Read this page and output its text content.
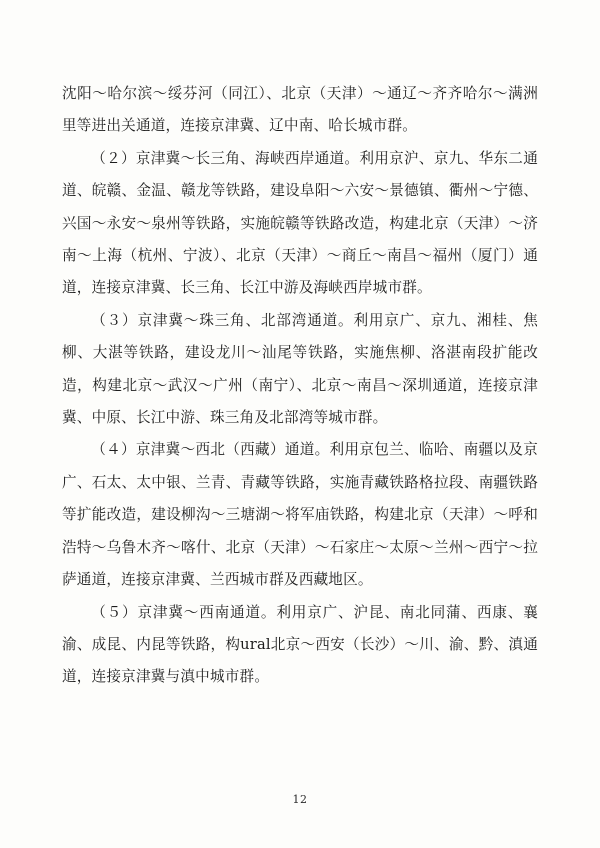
沈阳～哈尔滨～绥芬河（同江）、北京（天津）～通辽～齐齐哈尔～满洲里等进出关通道，连接京津冀、辽中南、哈长城市群。

（２）京津冀～长三角、海峡西岸通道。利用京沪、京九、华东二通道、皖赣、金温、赣龙等铁路，建设阜阳～六安～景德镇、衢州～宁德、兴国～永安～泉州等铁路，实施皖赣等铁路改造，构建北京（天津）～济南～上海（杭州、宁波）、北京（天津）～商丘～南昌～福州（厦门）通道，连接京津冀、长三角、长江中游及海峡西岸城市群。

（３）京津冀～珠三角、北部湾通道。利用京广、京九、湘桂、焦柳、大湛等铁路，建设龙川～汕尾等铁路，实施焦柳、洛湛南段扩能改造，构建北京～武汉～广州（南宁）、北京～南昌～深圳通道，连接京津冀、中原、长江中游、珠三角及北部湾等城市群。

（４）京津冀～西北（西藏）通道。利用京包兰、临哈、南疆以及京广、石太、太中银、兰青、青藏等铁路，实施青藏铁路格拉段、南疆铁路等扩能改造，建设柳沟～三塘湖～将军庙铁路，构建北京（天津）～呼和浩特～乌鲁木齐～喀什、北京（天津）～石家庄～太原～兰州～西宁～拉萨通道，连接京津冀、兰西城市群及西藏地区。

（５）京津冀～西南通道。利用京广、沪昆、南北同蒲、西康、襄渝、成昆、内昆等铁路，构ural北京～西安（长沙）～川、渝、黔、滇通道，连接京津冀与滇中城市群。

12
